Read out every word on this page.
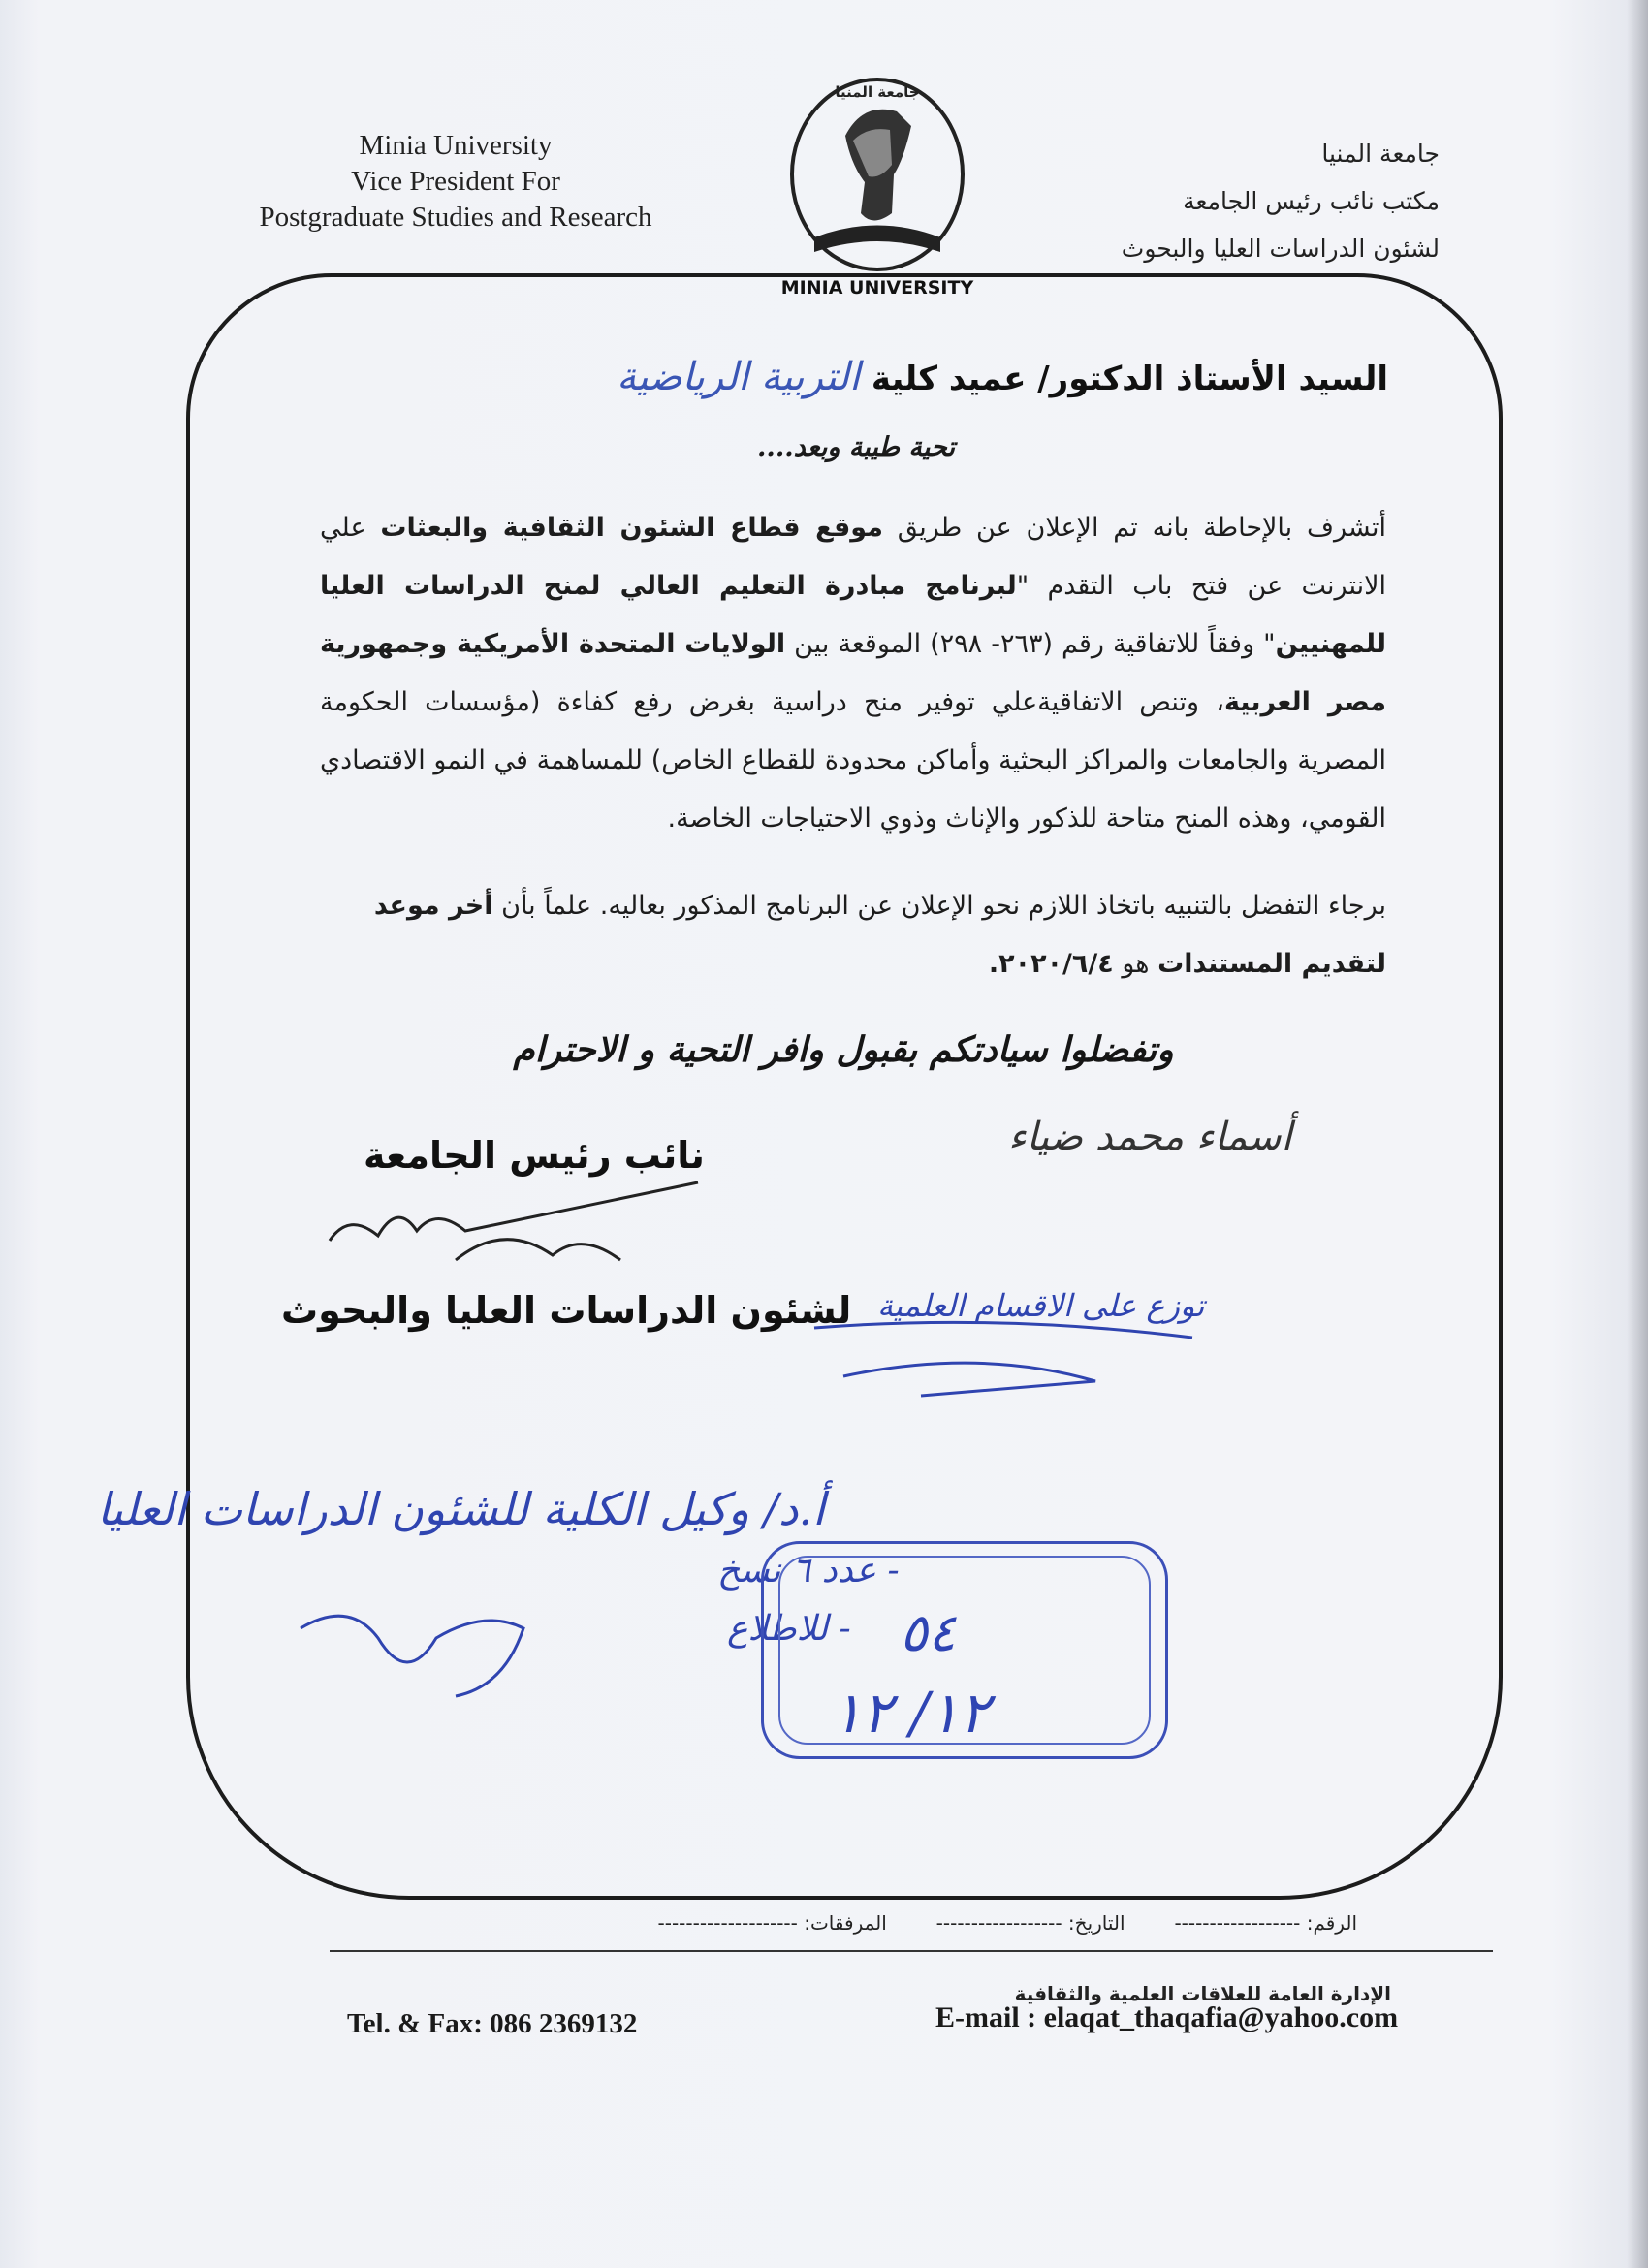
Minia University
Vice President For
Postgraduate Studies and Research
جامعة المنيا
MINIA UNIVERSITY
جامعة المنيا
مكتب نائب رئيس الجامعة
لشئون الدراسات العليا والبحوث
السيد الأستاذ الدكتور/ عميد كلية التربية الرياضية
تحية طيبة وبعد....
أتشرف بالإحاطة بانه تم الإعلان عن طريق موقع قطاع الشئون الثقافية والبعثات علي الانترنت عن فتح باب التقدم "لبرنامج مبادرة التعليم العالي لمنح الدراسات العليا للمهنيين" وفقاً للاتفاقية رقم (٢٦٣- ٢٩٨) الموقعة بين الولايات المتحدة الأمريكية وجمهورية مصر العربية، وتنص الاتفاقيةعلي توفير منح دراسية بغرض رفع كفاءة (مؤسسات الحكومة المصرية والجامعات والمراكز البحثية وأماكن محدودة للقطاع الخاص) للمساهمة في النمو الاقتصادي القومي، وهذه المنح متاحة للذكور والإناث وذوي الاحتياجات الخاصة.
برجاء التفضل بالتنبيه باتخاذ اللازم نحو الإعلان عن البرنامج المذكور بعاليه. علماً بأن أخر موعد لتقديم المستندات هو ٢٠٢٠/٦/٤.
وتفضلوا سيادتكم بقبول وافر التحية و الاحترام
نائب رئيس الجامعة
لشئون الدراسات العليا والبحوث
أسماء محمد ضياء
توزع على الاقسام العلمية
أ.د/ وكيل الكلية للشئون الدراسات العليا
- عدد ٦ نسخ
- للاطلاع ٥٤
١٢/ ١٢
الرقم: ------------------        التاريخ: ------------------        المرفقات: --------------------
الإدارة العامة للعلاقات العلمية والثقافية
Tel. & Fax: 086 2369132	E-mail : elaqat_thaqafia@yahoo.com
